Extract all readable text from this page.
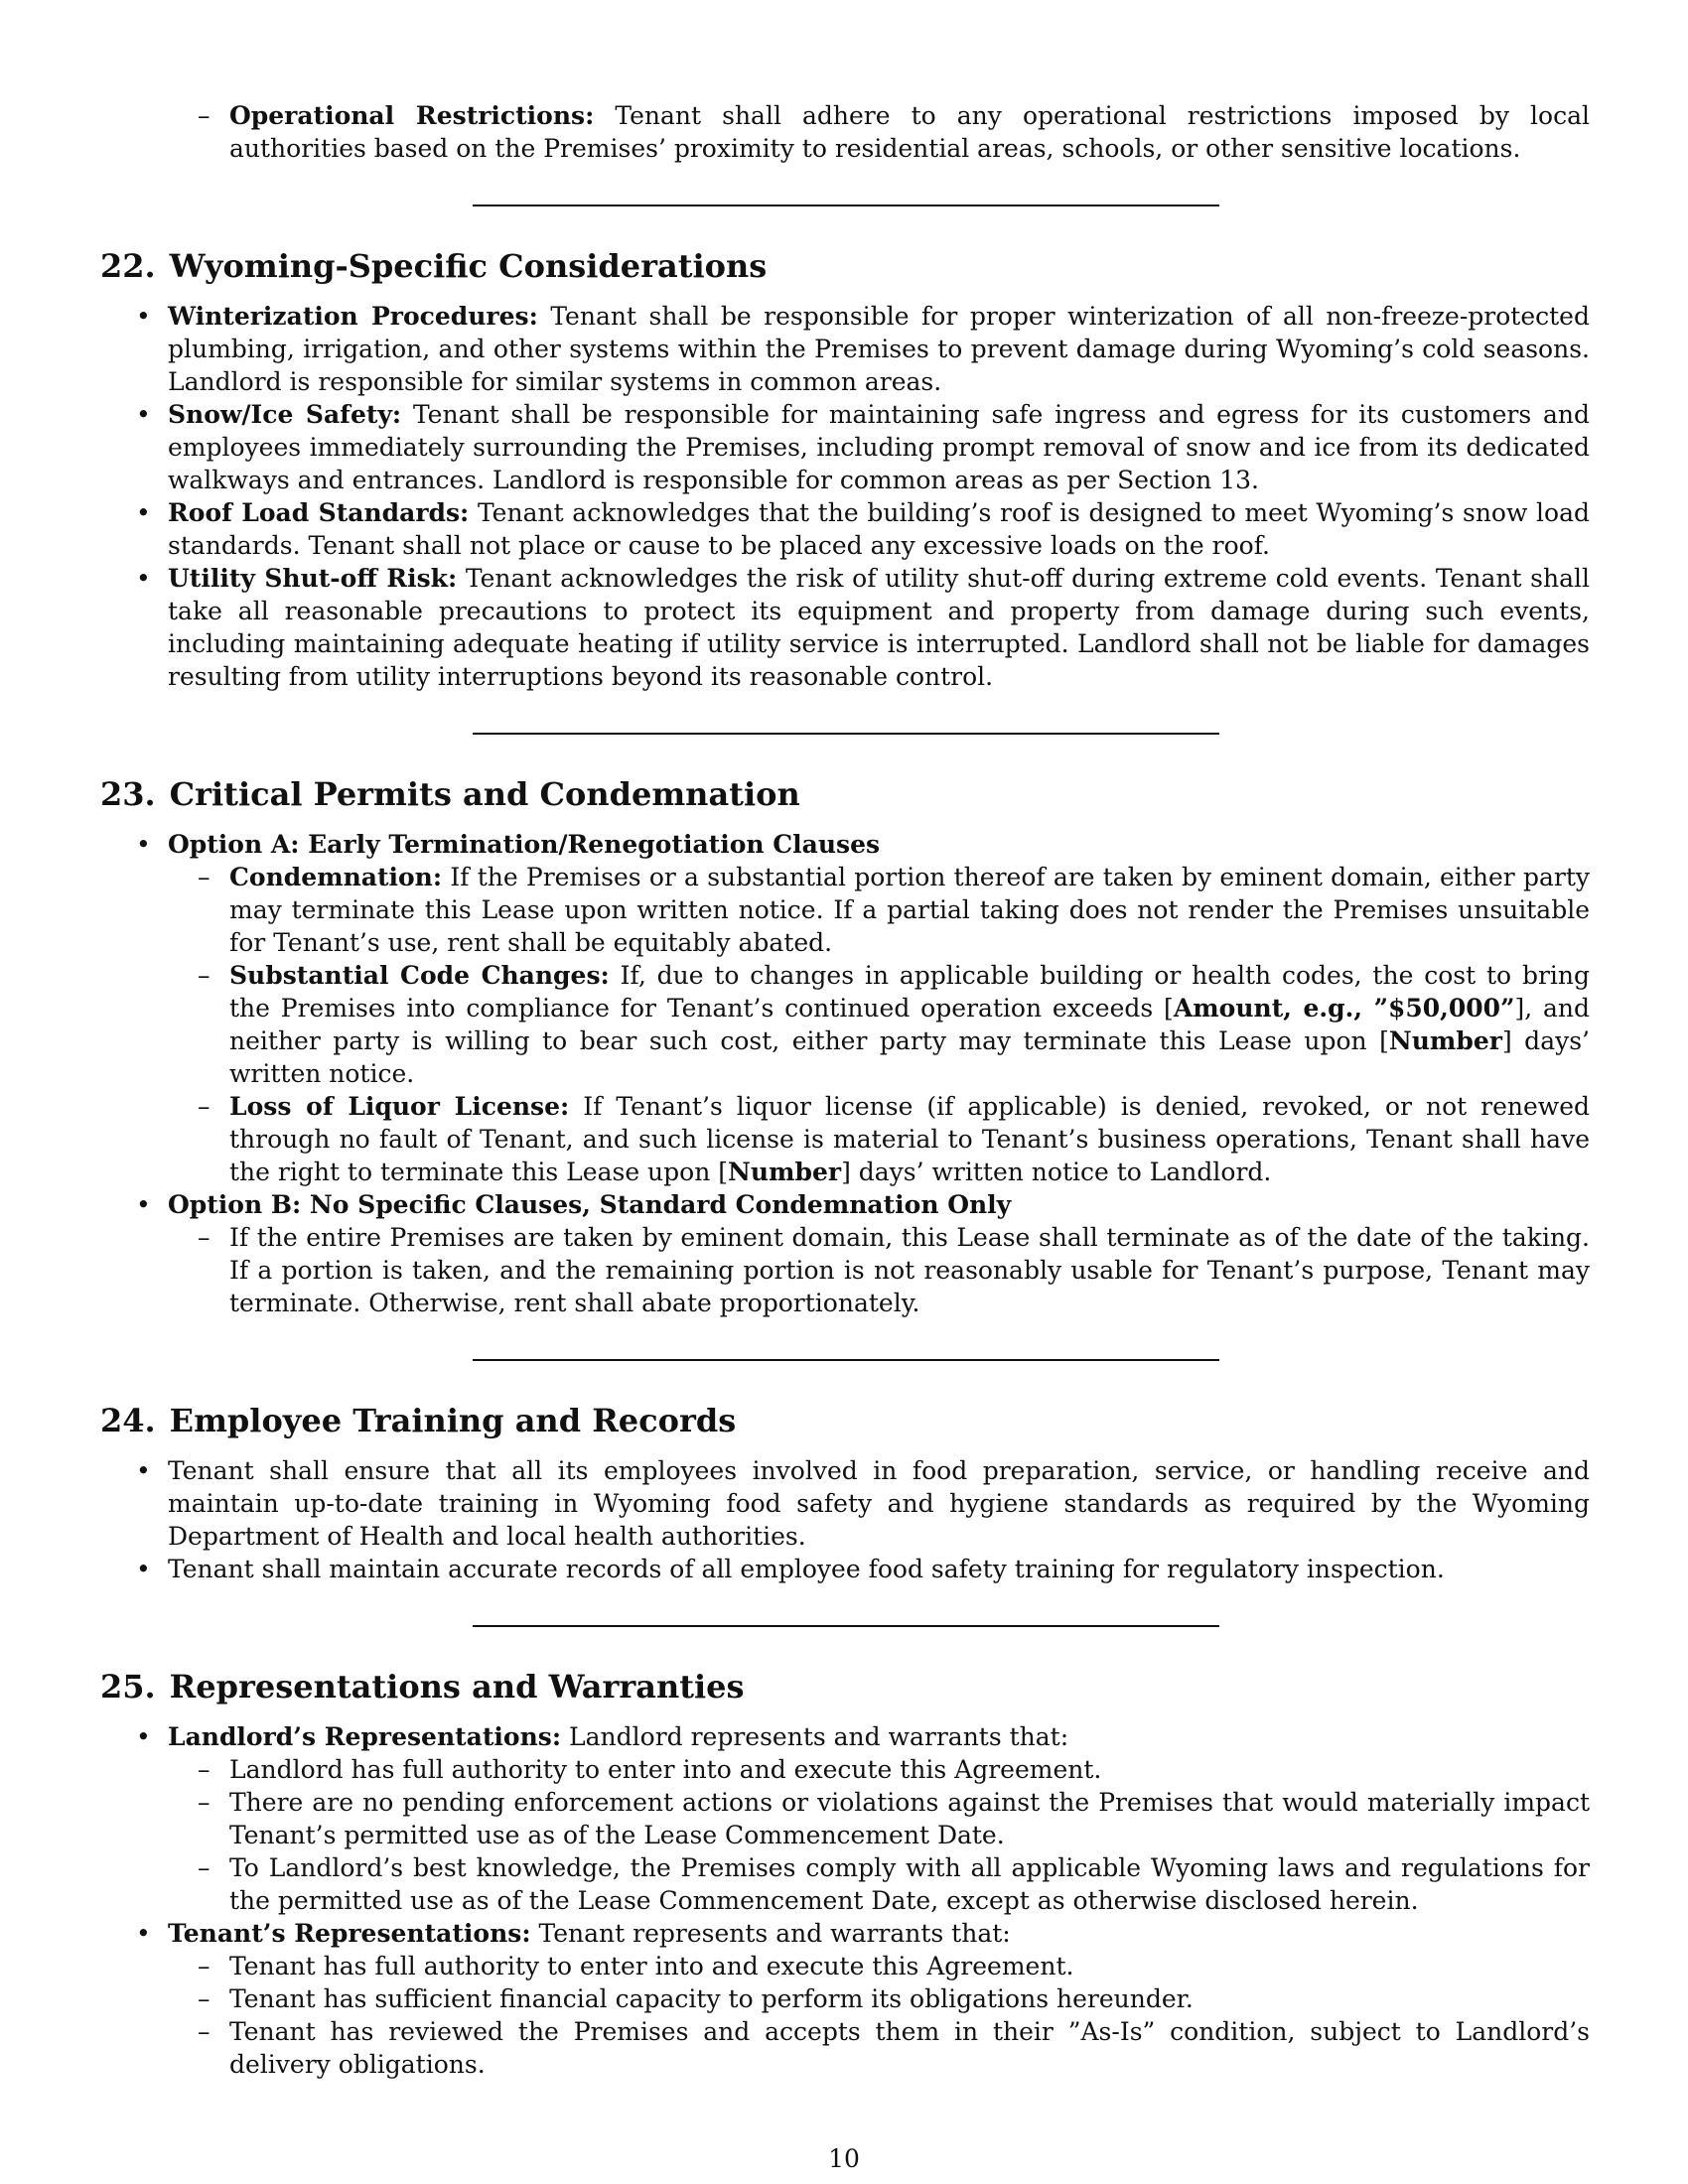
– Operational Restrictions: Tenant shall adhere to any operational restrictions imposed by local authorities based on the Premises’ proximity to residential areas, schools, or other sensitive locations.
22. Wyoming-Specific Considerations
• Winterization Procedures: Tenant shall be responsible for proper winterization of all non-freeze-protected plumbing, irrigation, and other systems within the Premises to prevent damage during Wyoming’s cold seasons. Landlord is responsible for similar systems in common areas.
• Snow/Ice Safety: Tenant shall be responsible for maintaining safe ingress and egress for its customers and employees immediately surrounding the Premises, including prompt removal of snow and ice from its dedicated walkways and entrances. Landlord is responsible for common areas as per Section 13.
• Roof Load Standards: Tenant acknowledges that the building’s roof is designed to meet Wyoming’s snow load standards. Tenant shall not place or cause to be placed any excessive loads on the roof.
• Utility Shut-off Risk: Tenant acknowledges the risk of utility shut-off during extreme cold events. Tenant shall take all reasonable precautions to protect its equipment and property from damage during such events, including maintaining adequate heating if utility service is interrupted. Landlord shall not be liable for damages resulting from utility interruptions beyond its reasonable control.
23. Critical Permits and Condemnation
• Option A: Early Termination/Renegotiation Clauses
– Condemnation: If the Premises or a substantial portion thereof are taken by eminent domain, either party may terminate this Lease upon written notice. If a partial taking does not render the Premises unsuitable for Tenant’s use, rent shall be equitably abated.
– Substantial Code Changes: If, due to changes in applicable building or health codes, the cost to bring the Premises into compliance for Tenant’s continued operation exceeds [Amount, e.g., ”$50,000”], and neither party is willing to bear such cost, either party may terminate this Lease upon [Number] days’ written notice.
– Loss of Liquor License: If Tenant’s liquor license (if applicable) is denied, revoked, or not renewed through no fault of Tenant, and such license is material to Tenant’s business operations, Tenant shall have the right to terminate this Lease upon [Number] days’ written notice to Landlord.
• Option B: No Specific Clauses, Standard Condemnation Only
– If the entire Premises are taken by eminent domain, this Lease shall terminate as of the date of the taking. If a portion is taken, and the remaining portion is not reasonably usable for Tenant’s purpose, Tenant may terminate. Otherwise, rent shall abate proportionately.
24. Employee Training and Records
• Tenant shall ensure that all its employees involved in food preparation, service, or handling receive and maintain up-to-date training in Wyoming food safety and hygiene standards as required by the Wyoming Department of Health and local health authorities.
• Tenant shall maintain accurate records of all employee food safety training for regulatory inspection.
25. Representations and Warranties
• Landlord’s Representations: Landlord represents and warrants that:
– Landlord has full authority to enter into and execute this Agreement.
– There are no pending enforcement actions or violations against the Premises that would materially impact Tenant’s permitted use as of the Lease Commencement Date.
– To Landlord’s best knowledge, the Premises comply with all applicable Wyoming laws and regulations for the permitted use as of the Lease Commencement Date, except as otherwise disclosed herein.
• Tenant’s Representations: Tenant represents and warrants that:
– Tenant has full authority to enter into and execute this Agreement.
– Tenant has sufficient financial capacity to perform its obligations hereunder.
– Tenant has reviewed the Premises and accepts them in their ”As-Is” condition, subject to Landlord’s delivery obligations.
10
